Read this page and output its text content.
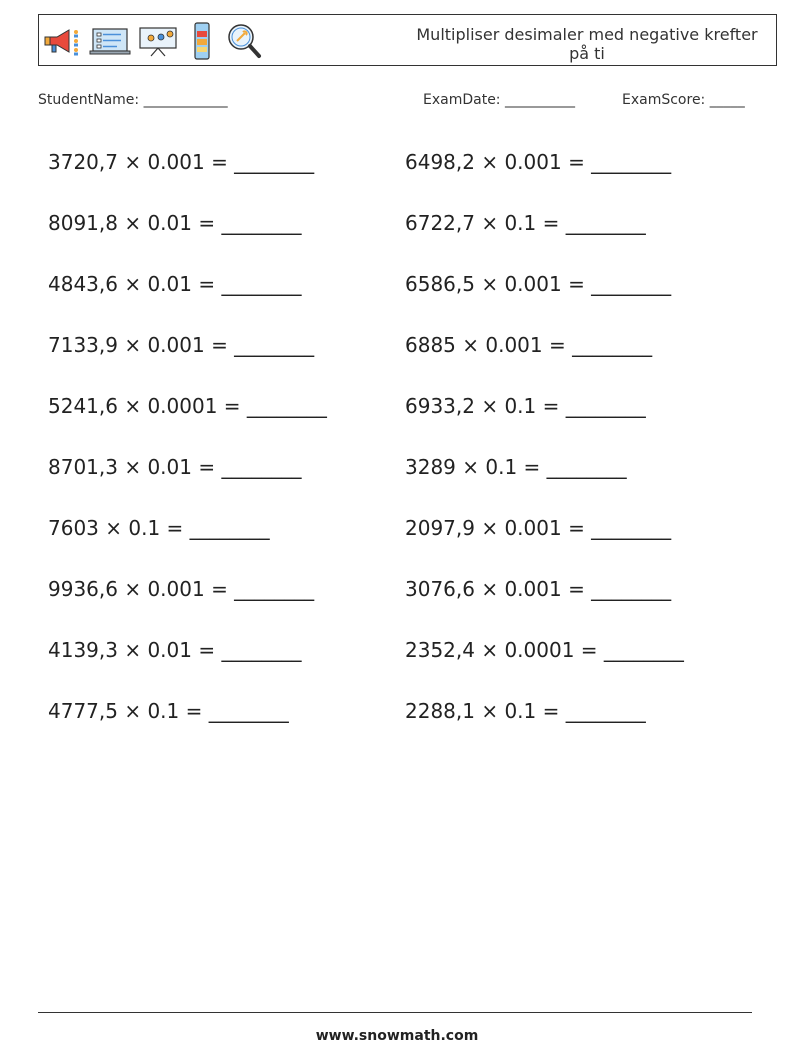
Multipliser desimaler med negative krefter på ti
StudentName: ____________	ExamDate: __________	ExamScore: _____
3720,7 × 0.001 = ________
8091,8 × 0.01 = ________
4843,6 × 0.01 = ________
7133,9 × 0.001 = ________
5241,6 × 0.0001 = ________
8701,3 × 0.01 = ________
7603 × 0.1 = ________
9936,6 × 0.001 = ________
4139,3 × 0.01 = ________
4777,5 × 0.1 = ________
6498,2 × 0.001 = ________
6722,7 × 0.1 = ________
6586,5 × 0.001 = ________
6885 × 0.001 = ________
6933,2 × 0.1 = ________
3289 × 0.1 = ________
2097,9 × 0.001 = ________
3076,6 × 0.001 = ________
2352,4 × 0.0001 = ________
2288,1 × 0.1 = ________
www.snowmath.com
